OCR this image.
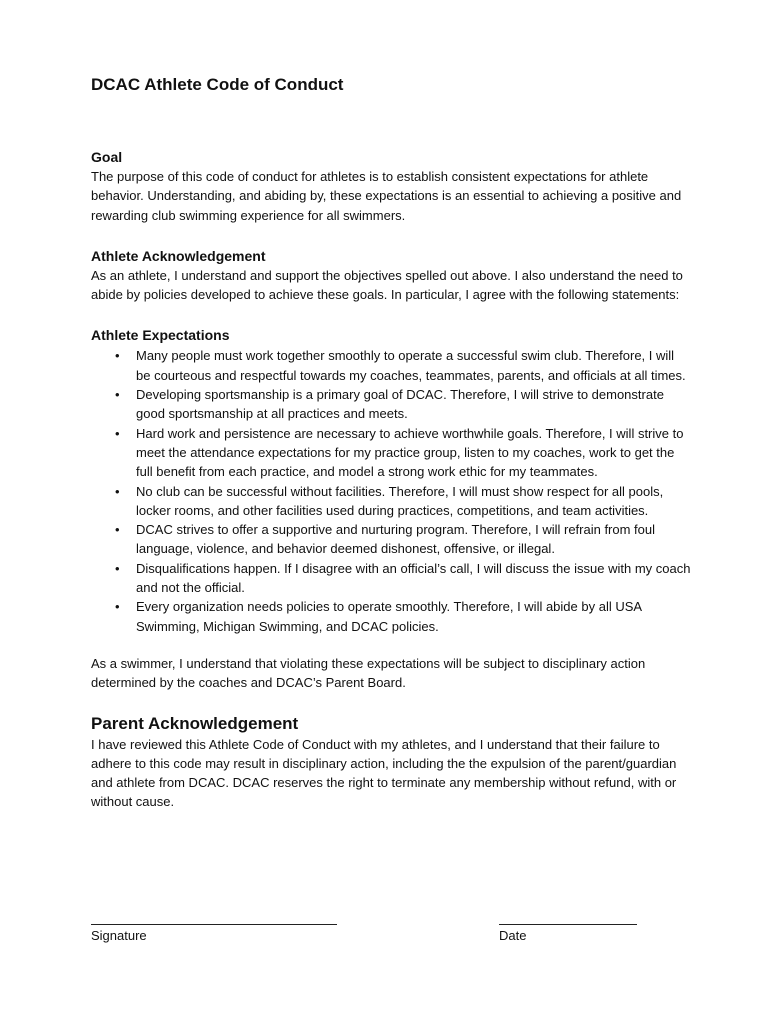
DCAC Athlete Code of Conduct
Goal

The purpose of this code of conduct for athletes is to establish consistent expectations for athlete behavior. Understanding, and abiding by, these expectations is an essential to achieving a positive and rewarding club swimming experience for all swimmers.

Athlete Acknowledgement

As an athlete, I understand and support the objectives spelled out above. I also understand the need to abide by policies developed to achieve these goals. In particular, I agree with the following statements:

Athlete Expectations
• Many people must work together smoothly to operate a successful swim club. Therefore, I will be courteous and respectful towards my coaches, teammates, parents, and officials at all times.
• Developing sportsmanship is a primary goal of DCAC. Therefore, I will strive to demonstrate good sportsmanship at all practices and meets.
• Hard work and persistence are necessary to achieve worthwhile goals. Therefore, I will strive to meet the attendance expectations for my practice group, listen to my coaches, work to get the full benefit from each practice, and model a strong work ethic for my teammates.
• No club can be successful without facilities. Therefore, I will must show respect for all pools, locker rooms, and other facilities used during practices, competitions, and team activities.
• DCAC strives to offer a supportive and nurturing program. Therefore, I will refrain from foul language, violence, and behavior deemed dishonest, offensive, or illegal.
• Disqualifications happen. If I disagree with an official’s call, I will discuss the issue with my coach and not the official.
• Every organization needs policies to operate smoothly. Therefore, I will abide by all USA Swimming, Michigan Swimming, and DCAC policies.

As a swimmer, I understand that violating these expectations will be subject to disciplinary action determined by the coaches and DCAC’s Parent Board.

Parent Acknowledgement

I have reviewed this Athlete Code of Conduct with my athletes, and I understand that their failure to adhere to this code may result in disciplinary action, including the the expulsion of the parent/guardian and athlete from DCAC. DCAC reserves the right to terminate any membership without refund, with or without cause.

Signature	Date
